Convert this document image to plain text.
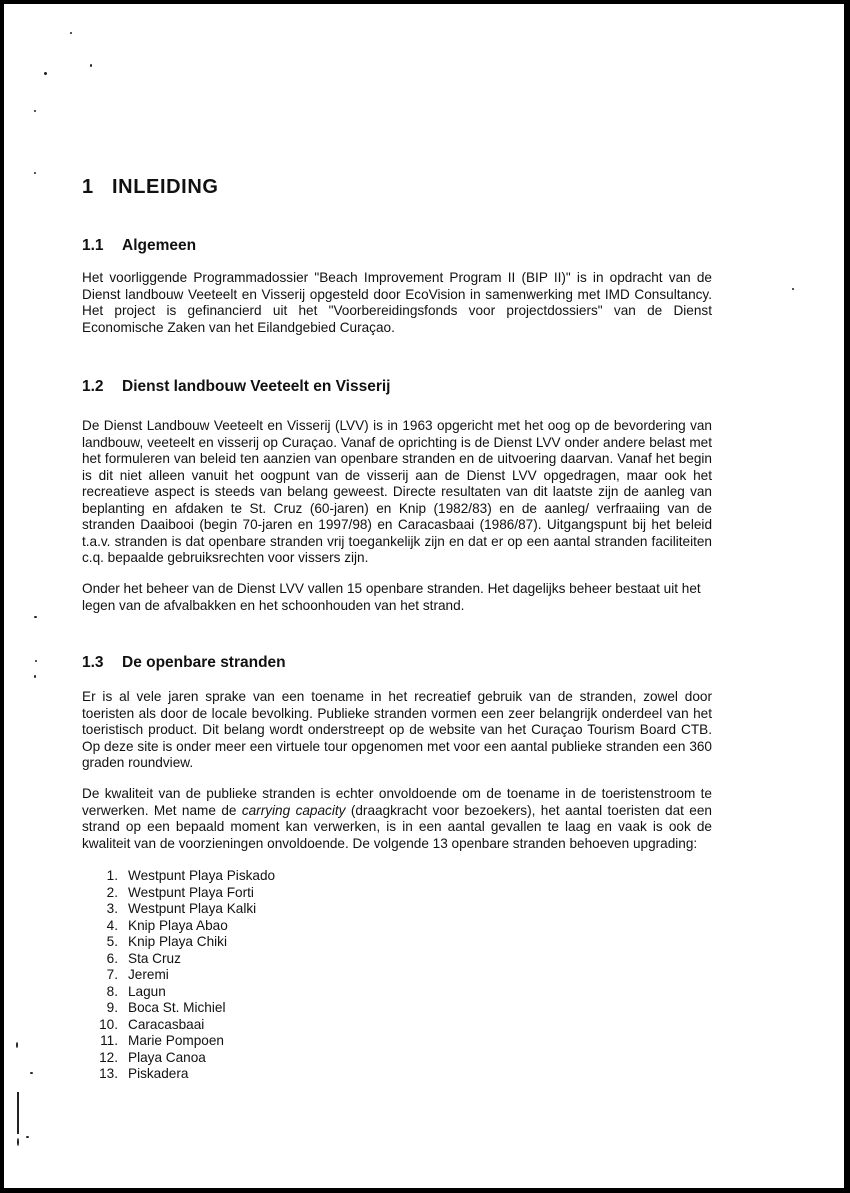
1 INLEIDING
1.1 Algemeen

Het voorliggende Programmadossier "Beach Improvement Program II (BIP II)" is in opdracht van de Dienst landbouw Veeteelt en Visserij opgesteld door EcoVision in samenwerking met IMD Consultancy. Het project is gefinancierd uit het "Voorbereidingsfonds voor projectdossiers" van de Dienst Economische Zaken van het Eilandgebied Curaçao.

1.2 Dienst landbouw Veeteelt en Visserij

De Dienst Landbouw Veeteelt en Visserij (LVV) is in 1963 opgericht met het oog op de bevordering van landbouw, veeteelt en visserij op Curaçao. Vanaf de oprichting is de Dienst LVV onder andere belast met het formuleren van beleid ten aanzien van openbare stranden en de uitvoering daarvan. Vanaf het begin is dit niet alleen vanuit het oogpunt van de visserij aan de Dienst LVV opgedragen, maar ook het recreatieve aspect is steeds van belang geweest. Directe resultaten van dit laatste zijn de aanleg van beplanting en afdaken te St. Cruz (60-jaren) en Knip (1982/83) en de aanleg/ verfraaiing van de stranden Daaibooi (begin 70-jaren en 1997/98) en Caracasbaai (1986/87). Uitgangspunt bij het beleid t.a.v. stranden is dat openbare stranden vrij toegankelijk zijn en dat er op een aantal stranden faciliteiten c.q. bepaalde gebruiksrechten voor vissers zijn.

Onder het beheer van de Dienst LVV vallen 15 openbare stranden. Het dagelijks beheer bestaat uit het legen van de afvalbakken en het schoonhouden van het strand.

1.3 De openbare stranden

Er is al vele jaren sprake van een toename in het recreatief gebruik van de stranden, zowel door toeristen als door de locale bevolking. Publieke stranden vormen een zeer belangrijk onderdeel van het toeristisch product. Dit belang wordt onderstreept op de website van het Curaçao Tourism Board CTB. Op deze site is onder meer een virtuele tour opgenomen met voor een aantal publieke stranden een 360 graden roundview.

De kwaliteit van de publieke stranden is echter onvoldoende om de toename in de toeristenstroom te verwerken. Met name de carrying capacity (draagkracht voor bezoekers), het aantal toeristen dat een strand op een bepaald moment kan verwerken, is in een aantal gevallen te laag en vaak is ook de kwaliteit van de voorzieningen onvoldoende. De volgende 13 openbare stranden behoeven upgrading:

1. Westpunt Playa Piskado
2. Westpunt Playa Forti
3. Westpunt Playa Kalki
4. Knip Playa Abao
5. Knip Playa Chiki
6. Sta Cruz
7. Jeremi
8. Lagun
9. Boca St. Michiel
10. Caracasbaai
11. Marie Pompoen
12. Playa Canoa
13. Piskadera
